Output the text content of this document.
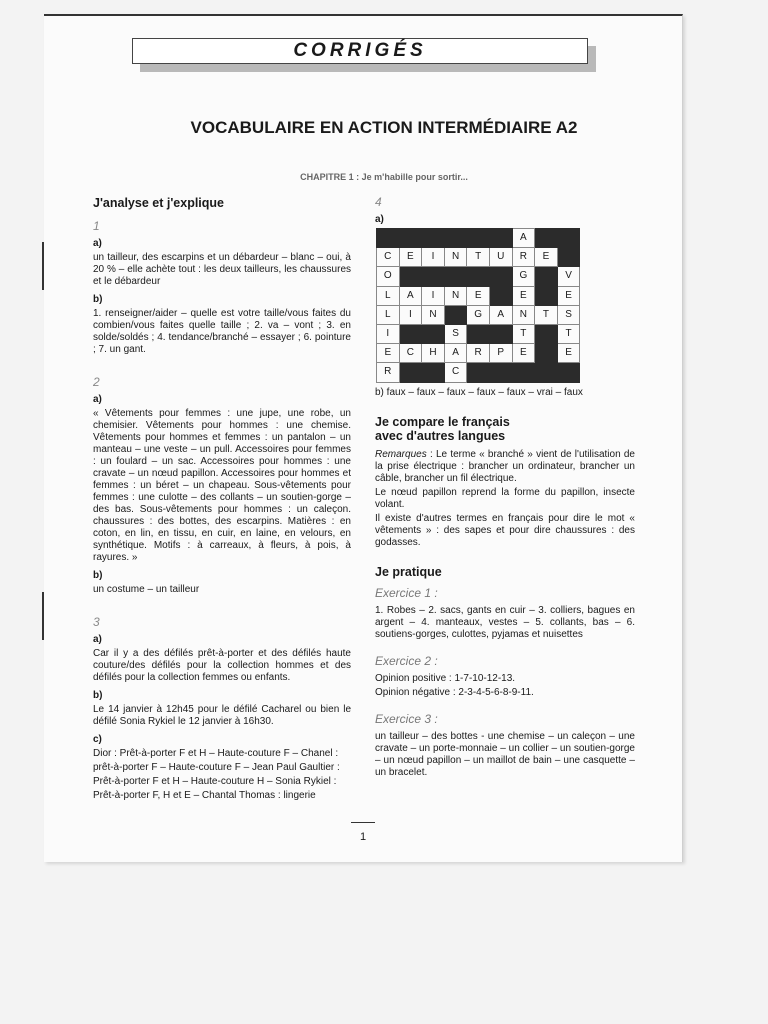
CORRIGÉS
VOCABULAIRE EN ACTION INTERMÉDIAIRE A2
CHAPITRE 1 : Je m'habille pour sortir...
J'analyse et j'explique
1
a)

un tailleur, des escarpins et un débardeur – blanc – oui, à 20 % – elle achète tout : les deux tailleurs, les chaussures et le débardeur

b)

1. renseigner/aider – quelle est votre taille/vous faites du combien/vous faites quelle taille ; 2. va – vont ; 3. en solde/soldés ; 4. tendance/branché – essayer ; 6. pointure ; 7. un gant.

2
a)

« Vêtements pour femmes : une jupe, une robe, un chemisier. Vêtements pour hommes : une chemise. Vêtements pour hommes et femmes : un pantalon – un manteau – une veste – un pull. Accessoires pour femmes : un foulard – un sac. Accessoires pour hommes : une cravate – un nœud papillon. Accessoires pour hommes et femmes : un béret – un chapeau. Sous-vêtements pour femmes : une culotte – des collants – un soutien-gorge – des bas. Sous-vêtements pour hommes : un caleçon. chaussures : des bottes, des escarpins. Matières : en coton, en lin, en tissu, en cuir, en laine, en velours, en synthétique. Motifs : à carreaux, à fleurs, à pois, à rayures. »

b)

un costume – un tailleur

3
a)

Car il y a des défilés prêt-à-porter et des défilés haute couture/des défilés pour la collection hommes et des défilés pour la collection femmes ou enfants.

b)

Le 14 janvier à 12h45 pour le défilé Cacharel ou bien le défilé Sonia Rykiel le 12 janvier à 16h30.

c)

Dior : Prêt-à-porter F et H – Haute-couture F – Chanel :

prêt-à-porter F – Haute-couture F – Jean Paul Gaultier :

Prêt-à-porter F et H – Haute-couture H – Sonia Rykiel :

Prêt-à-porter F, H et E – Chantal Thomas : lingerie

4
a)
						A		
C	E	I	N	T	U	R	E	
O						G		V
L	A	I	N	E		E		E
L	I	N		G	A	N	T	S
I			S			T		T
E	C	H	A	R	P	E		E
R			C					

b) faux – faux – faux – faux – faux – vrai – faux

Je compare le français
avec d'autres langues

Remarques : Le terme « branché » vient de l'utilisation de la prise électrique : brancher un ordinateur, brancher un câble, brancher un fil électrique.

Le nœud papillon reprend la forme du papillon, insecte volant.

Il existe d'autres termes en français pour dire le mot « vêtements » : des sapes et pour dire chaussures : des godasses.

Je pratique
Exercice 1 :

1. Robes – 2. sacs, gants en cuir – 3. colliers, bagues en argent – 4. manteaux, vestes – 5. collants, bas – 6. soutiens-gorges, culottes, pyjamas et nuisettes

Exercice 2 :

Opinion positive : 1-7-10-12-13.

Opinion négative : 2-3-4-5-6-8-9-11.

Exercice 3 :

un tailleur – des bottes - une chemise – un caleçon – une cravate – un porte-monnaie – un collier – un soutien-gorge – un nœud papillon – un maillot de bain – une casquette – un bracelet.

1
